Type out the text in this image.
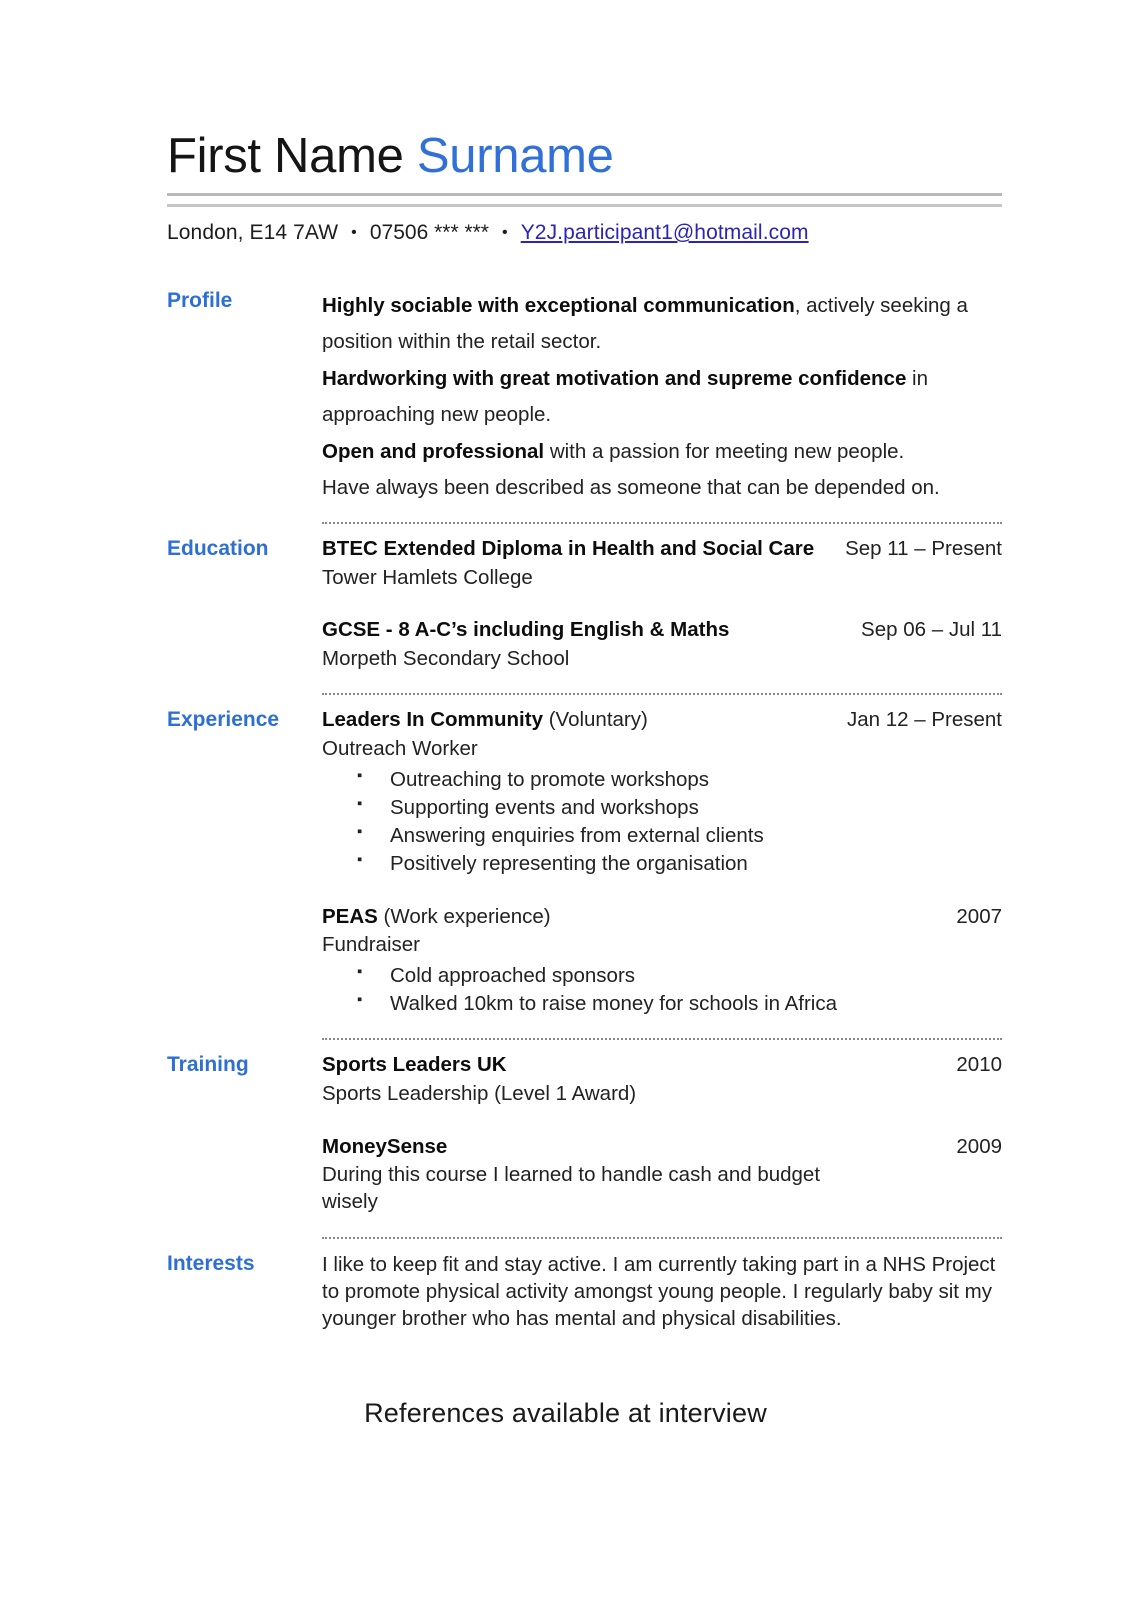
First Name Surname
London, E14 7AW • 07506 *** *** • Y2J.participant1@hotmail.com
Profile	Highly sociable with exceptional communication, actively seeking a position within the retail sector.
Hardworking with great motivation and supreme confidence in approaching new people.
Open and professional with a passion for meeting new people.
Have always been described as someone that can be depended on.
Education	BTEC Extended Diploma in Health and Social Care	Sep 11 – Present
Tower Hamlets College
GCSE - 8 A-C’s including English & Maths	Sep 06 – Jul 11
Morpeth Secondary School
Experience	Leaders In Community (Voluntary)	Jan 12 – Present
Outreach Worker
▪ Outreaching to promote workshops
▪ Supporting events and workshops
▪ Answering enquiries from external clients
▪ Positively representing the organisation
PEAS (Work experience)	2007
Fundraiser
▪ Cold approached sponsors
▪ Walked 10km to raise money for schools in Africa
Training	Sports Leaders UK	2010
Sports Leadership (Level 1 Award)
MoneySense	2009
During this course I learned to handle cash and budget wisely
Interests	I like to keep fit and stay active. I am currently taking part in a NHS Project to promote physical activity amongst young people. I regularly baby sit my younger brother who has mental and physical disabilities.
References available at interview
